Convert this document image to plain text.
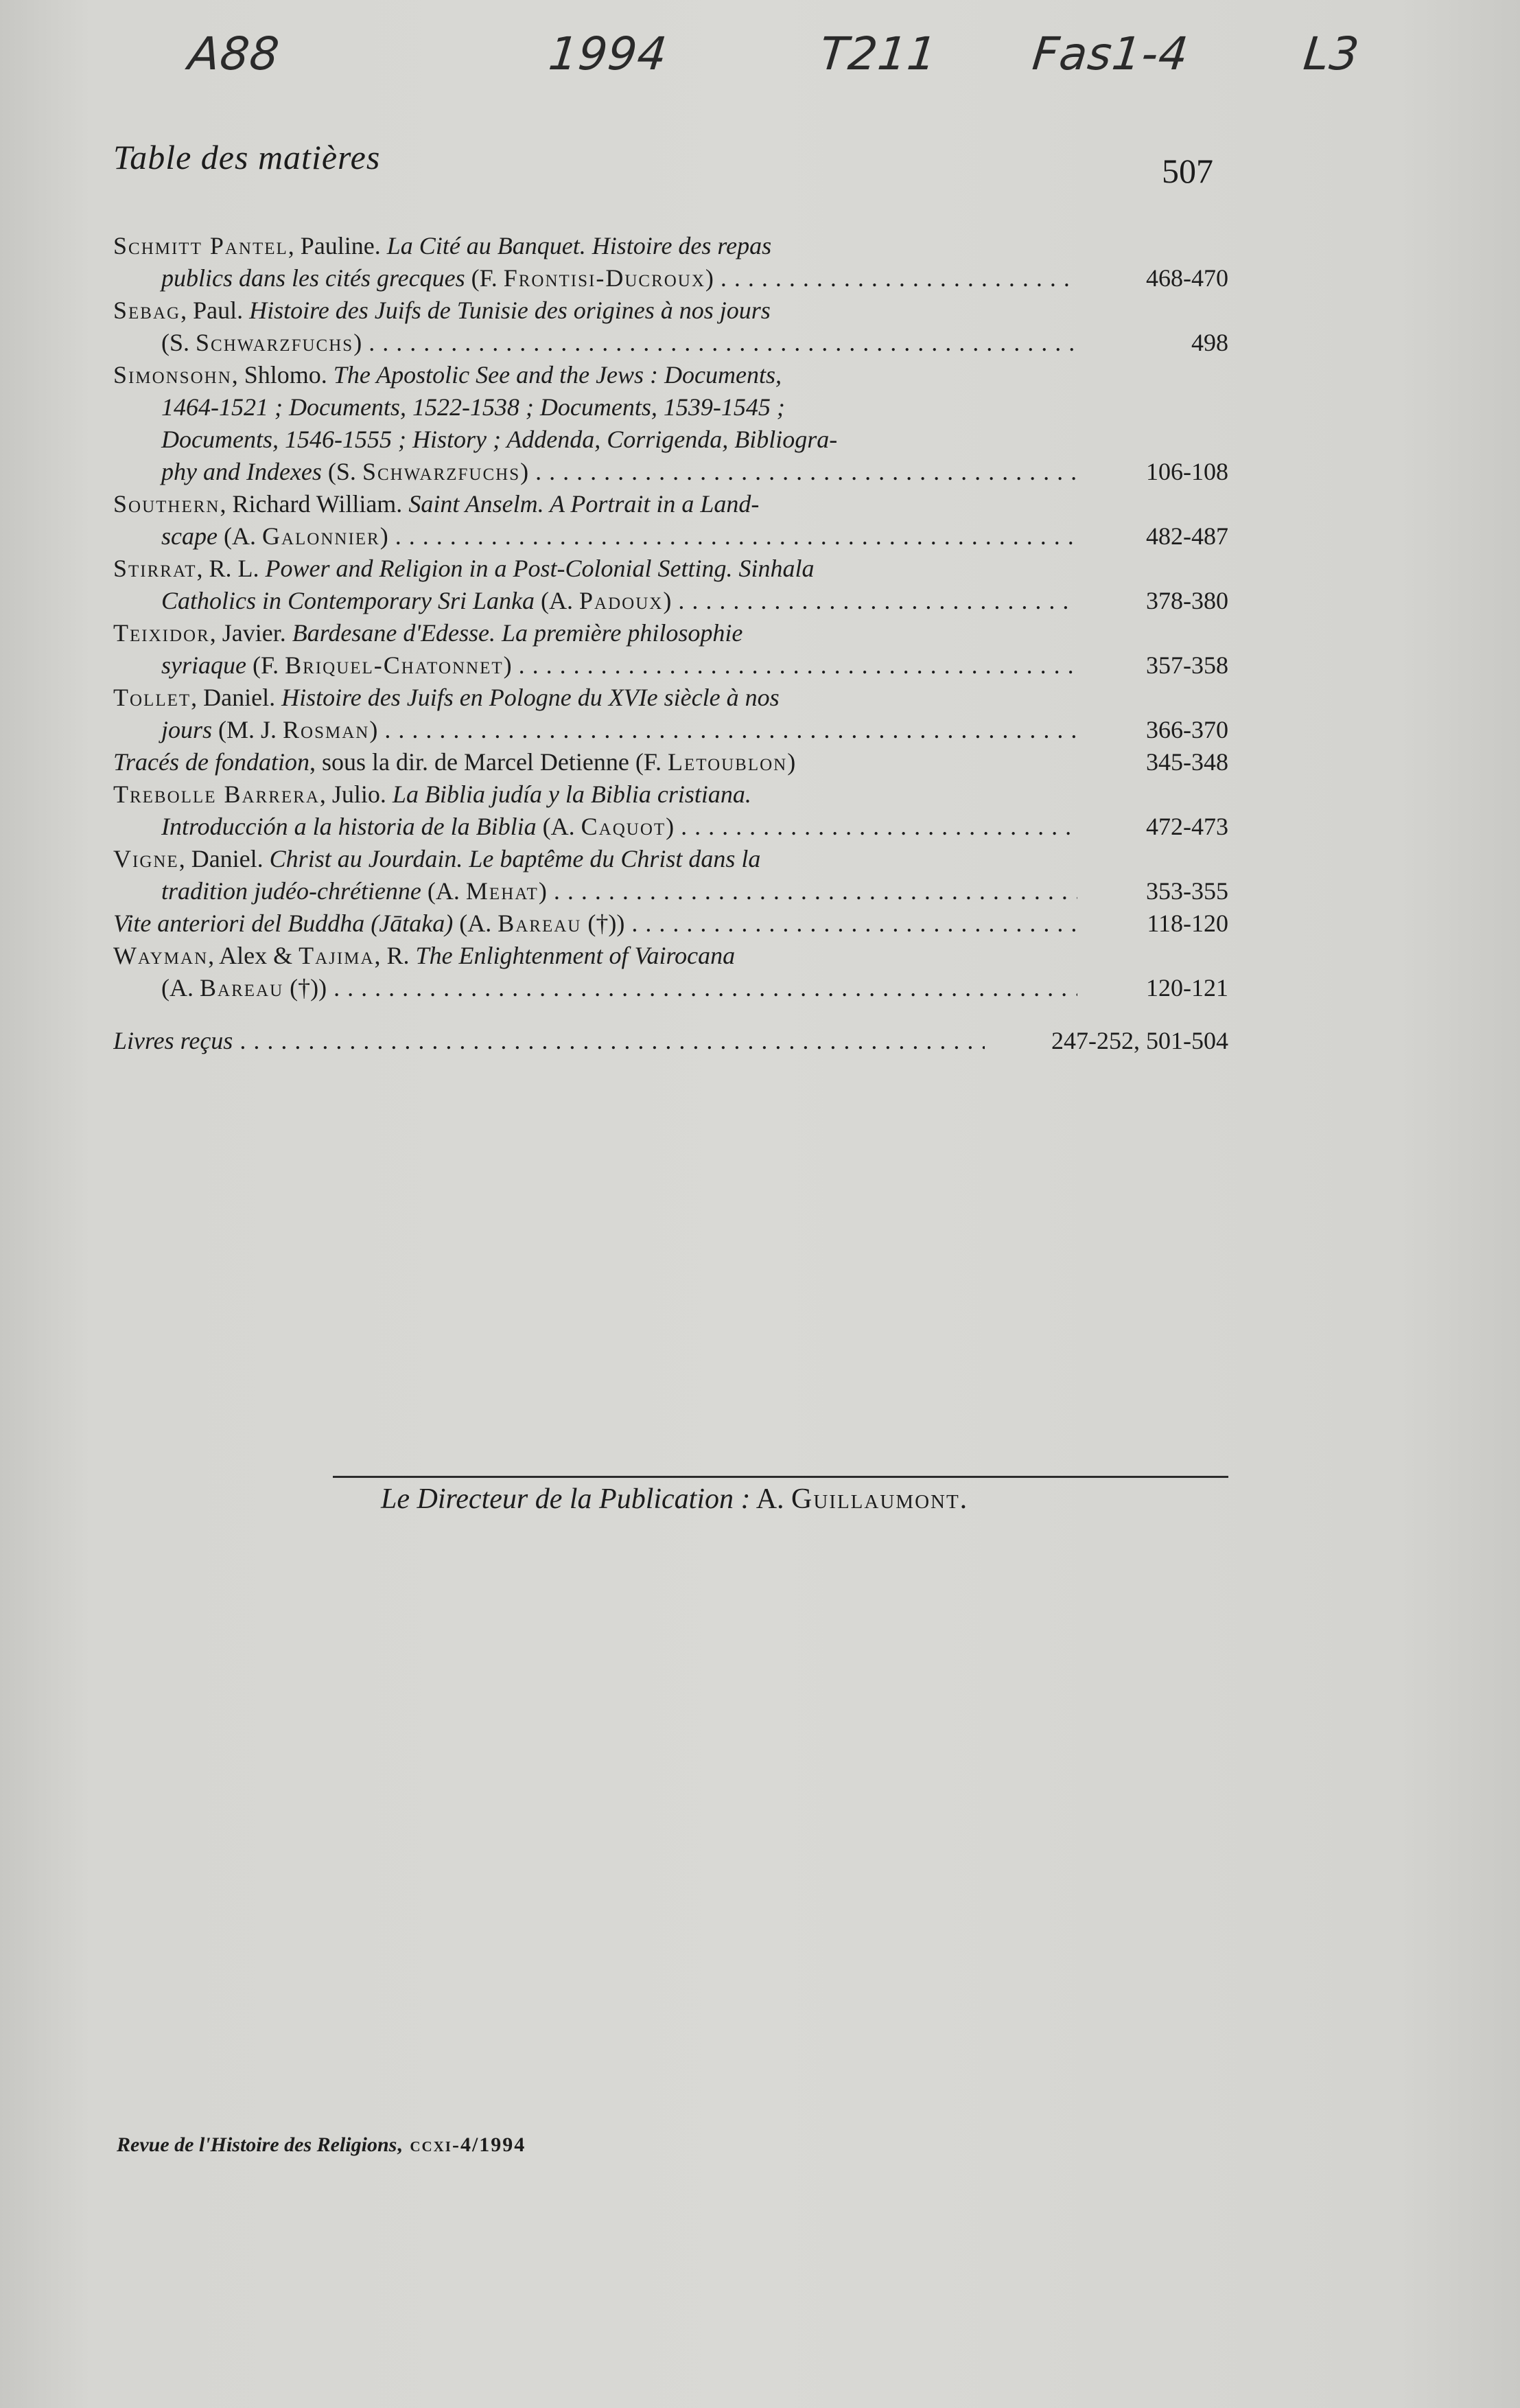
A88	1994	T211 Fas1-4 L3
Table des matières	507
Schmitt Pantel, Pauline. La Cité au Banquet. Histoire des repas
publics dans les cités grecques (F. Frontisi-Ducroux) . . .	468-470
Sebag, Paul. Histoire des Juifs de Tunisie des origines à nos jours
(S. Schwarzfuchs) . . .	498
Simonsohn, Shlomo. The Apostolic See and the Jews : Documents,
1464-1521 ; Documents, 1522-1538 ; Documents, 1539-1545 ;
Documents, 1546-1555 ; History ; Addenda, Corrigenda, Bibliogra-
phy and Indexes (S. Schwarzfuchs) . . .	106-108
Southern, Richard William. Saint Anselm. A Portrait in a Land-
scape (A. Galonnier) . . .	482-487
Stirrat, R. L. Power and Religion in a Post-Colonial Setting. Sinhala
Catholics in Contemporary Sri Lanka (A. Padoux) . . .	378-380
Teixidor, Javier. Bardesane d'Edesse. La première philosophie
syriaque (F. Briquel-Chatonnet) . . .	357-358
Tollet, Daniel. Histoire des Juifs en Pologne du XVIe siècle à nos
jours (M. J. Rosman) . . .	366-370
Tracés de fondation, sous la dir. de Marcel Detienne (F. Letoublon)	345-348
Trebolle Barrera, Julio. La Biblia judía y la Biblia cristiana.
Introducción a la historia de la Biblia (A. Caquot) . . .	472-473
Vigne, Daniel. Christ au Jourdain. Le baptême du Christ dans la
tradition judéo-chrétienne (A. Mehat) . . .	353-355
Vite anteriori del Buddha (Jātaka) (A. Bareau (†)) . . .	118-120
Wayman, Alex & Tajima, R. The Enlightenment of Vairocana
(A. Bareau (†)) . . .	120-121
Livres reçus . . .	247-252, 501-504
Le Directeur de la Publication : A. Guillaumont.
Revue de l'Histoire des Religions, ccxi-4/1994
